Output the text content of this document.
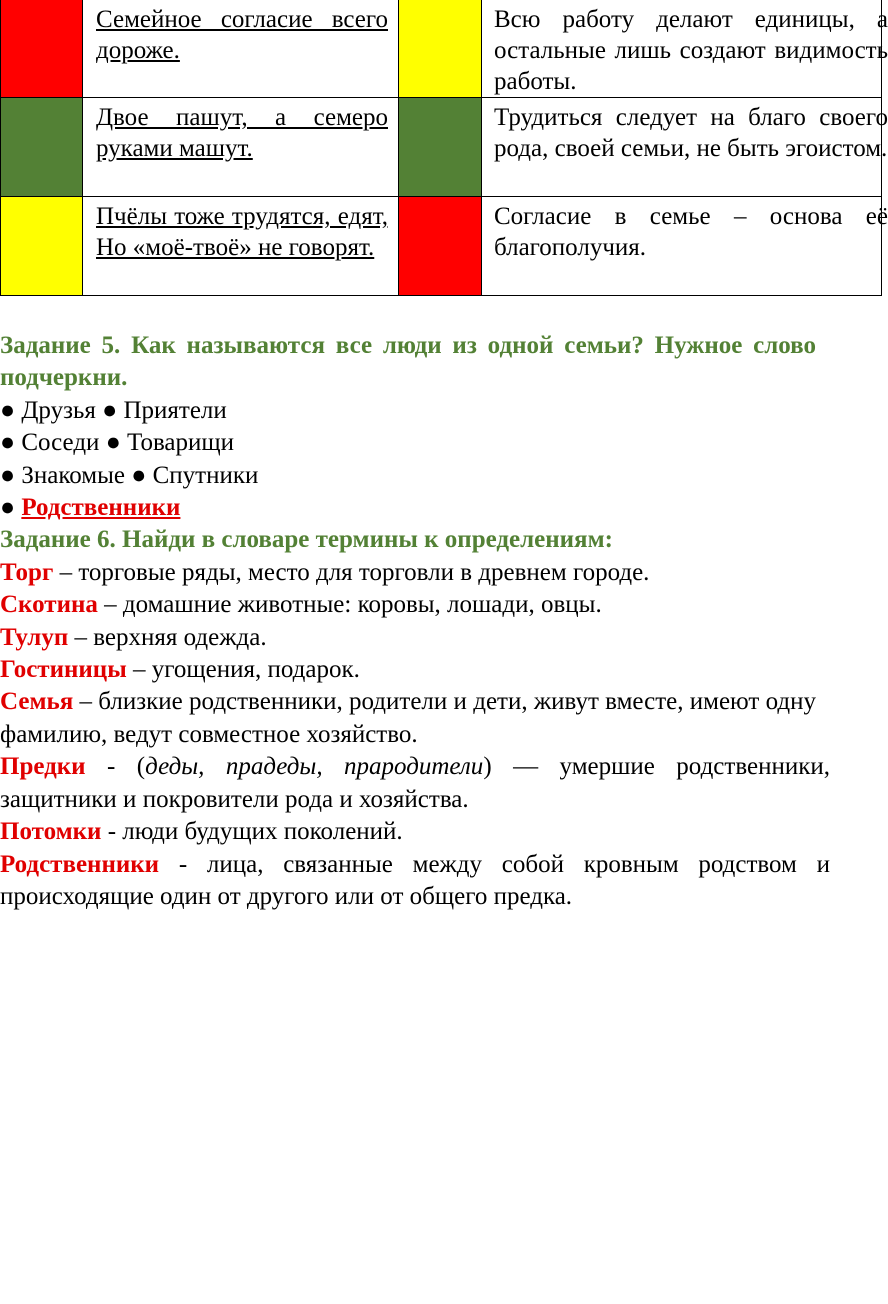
Семейное согласие всего дороже.

Всю работу делают единицы, а остальные лишь создают видимость работы.

Двое пашут, а семеро руками машут.

Трудиться следует на благо своего рода, своей семьи, не быть эгоистом.

Пчёлы тоже трудятся, едят, Но «моё-твоё» не говорят.

Согласие в семье – основа её благополучия.

Задание 5. Как называются все люди из одной семьи? Нужное слово подчеркни.

● Друзья ● Приятели

● Соседи ● Товарищи

● Знакомые ● Спутники

● Родственники

Задание 6. Найди в словаре термины к определениям:

Торг – торговые ряды, место для торговли в древнем городе.

Скотина – домашние животные: коровы, лошади, овцы.

Тулуп – верхняя одежда.

Гостиницы – угощения, подарок.

Семья – близкие родственники, родители и дети, живут вместе, имеют одну фамилию, ведут совместное хозяйство.

Предки - (деды, прадеды, прародители) — умершие родственники, защитники и покровители рода и хозяйства.

Потомки - люди будущих поколений.

Родственники - лица, связанные между собой кровным родством и происходящие один от другого или от общего предка.
